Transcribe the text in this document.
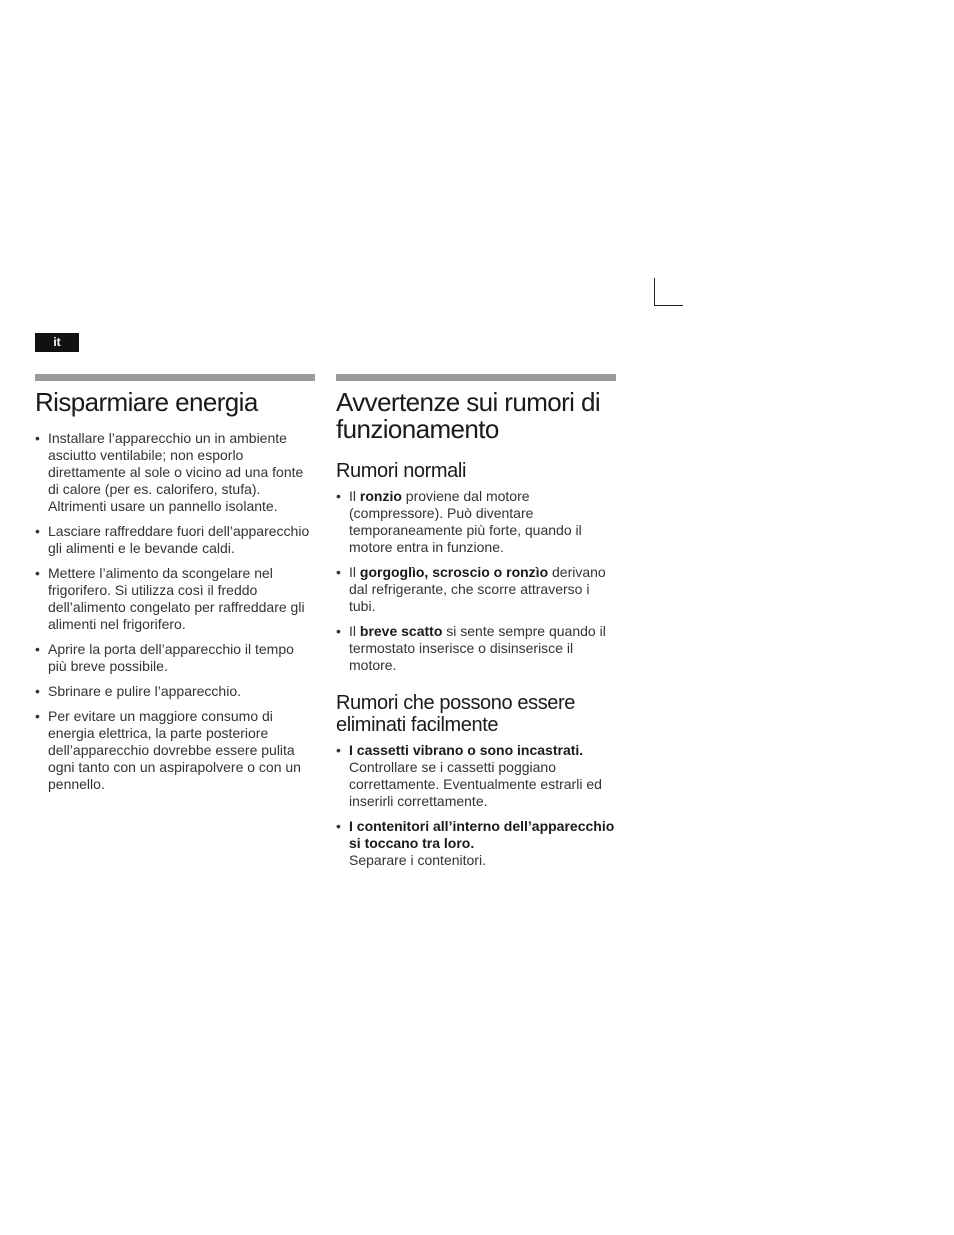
it
Risparmiare energia
• Installare l’apparecchio un in ambiente asciutto ventilabile; non esporlo direttamente al sole o vicino ad una fonte di calore (per es. calorifero, stufa). Altrimenti usare un pannello isolante.
• Lasciare raffreddare fuori dell’apparecchio gli alimenti e le bevande caldi.
• Mettere l’alimento da scongelare nel frigorifero. Si utilizza così il freddo dell’alimento congelato per raffreddare gli alimenti nel frigorifero.
• Aprire la porta dell’apparecchio il tempo più breve possibile.
• Sbrinare e pulire l’apparecchio.
• Per evitare un maggiore consumo di energia elettrica, la parte posteriore dell’apparecchio dovrebbe essere pulita ogni tanto con un aspirapolvere o con un pennello.
Avvertenze sui rumori di funzionamento
Rumori normali
• Il ronzio proviene dal motore (compressore). Può diventare temporaneamente più forte, quando il motore entra in funzione.
• Il gorgoglìo, scroscio o ronzìo derivano dal refrigerante, che scorre attraverso i tubi.
• Il breve scatto si sente sempre quando il termostato inserisce o disinserisce il motore.
Rumori che possono essere eliminati facilmente
• I cassetti vibrano o sono incastrati.
Controllare se i cassetti poggiano correttamente. Eventualmente estrarli ed inserirli correttamente.
• I contenitori all’interno dell’apparecchio si toccano tra loro.
Separare i contenitori.
